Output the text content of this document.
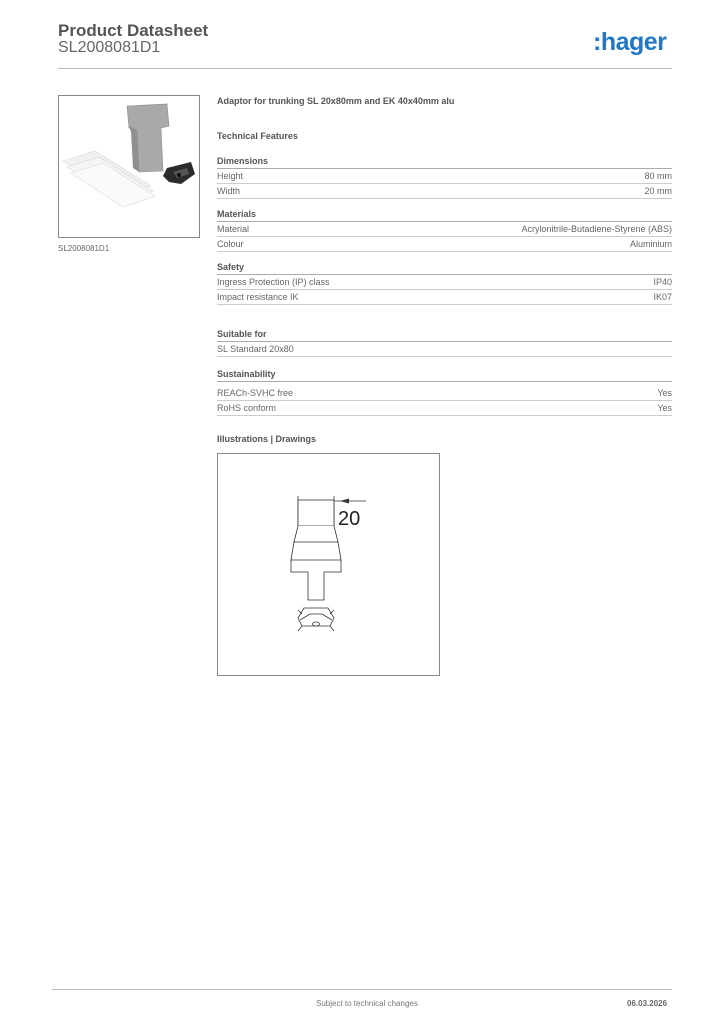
Product Datasheet
SL2008081D1	:hager
SL2008081D1
Adaptor for trunking SL 20x80mm and EK 40x40mm alu
Technical Features
Dimensions
Height	80 mm
Width	20 mm
Materials
Material	Acrylonitrile-Butadiene-Styrene (ABS)
Colour	Aluminium
Safety
Ingress Protection (IP) class	IP40
Impact resistance IK	IK07
Suitable for
SL Standard 20x80
Sustainability
REACh-SVHC free	Yes
RoHS conform	Yes
Illustrations | Drawings
20
Subject to technical changes	06.03.2026
